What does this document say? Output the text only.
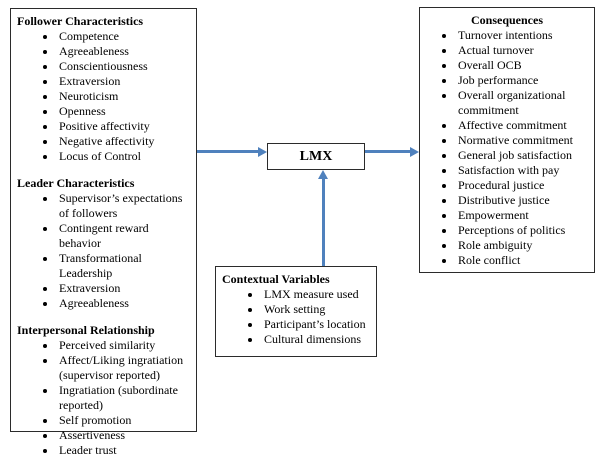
Follower Characteristics
• Competence
• Agreeableness
• Conscientiousness
• Extraversion
• Neuroticism
• Openness
• Positive affectivity
• Negative affectivity
• Locus of Control
Leader Characteristics
• Supervisor’s expectations of followers
• Contingent reward behavior
• Transformational Leadership
• Extraversion
• Agreeableness
Interpersonal Relationship
• Perceived similarity
• Affect/Liking ingratiation (supervisor reported)
• Ingratiation (subordinate reported)
• Self promotion
• Assertiveness
• Leader trust
LMX
Consequences
• Turnover intentions
• Actual turnover
• Overall OCB
• Job performance
• Overall organizational commitment
• Affective commitment
• Normative commitment
• General job satisfaction
• Satisfaction with pay
• Procedural justice
• Distributive justice
• Empowerment
• Perceptions of politics
• Role ambiguity
• Role conflict
Contextual Variables
• LMX measure used
• Work setting
• Participant’s location
• Cultural dimensions
